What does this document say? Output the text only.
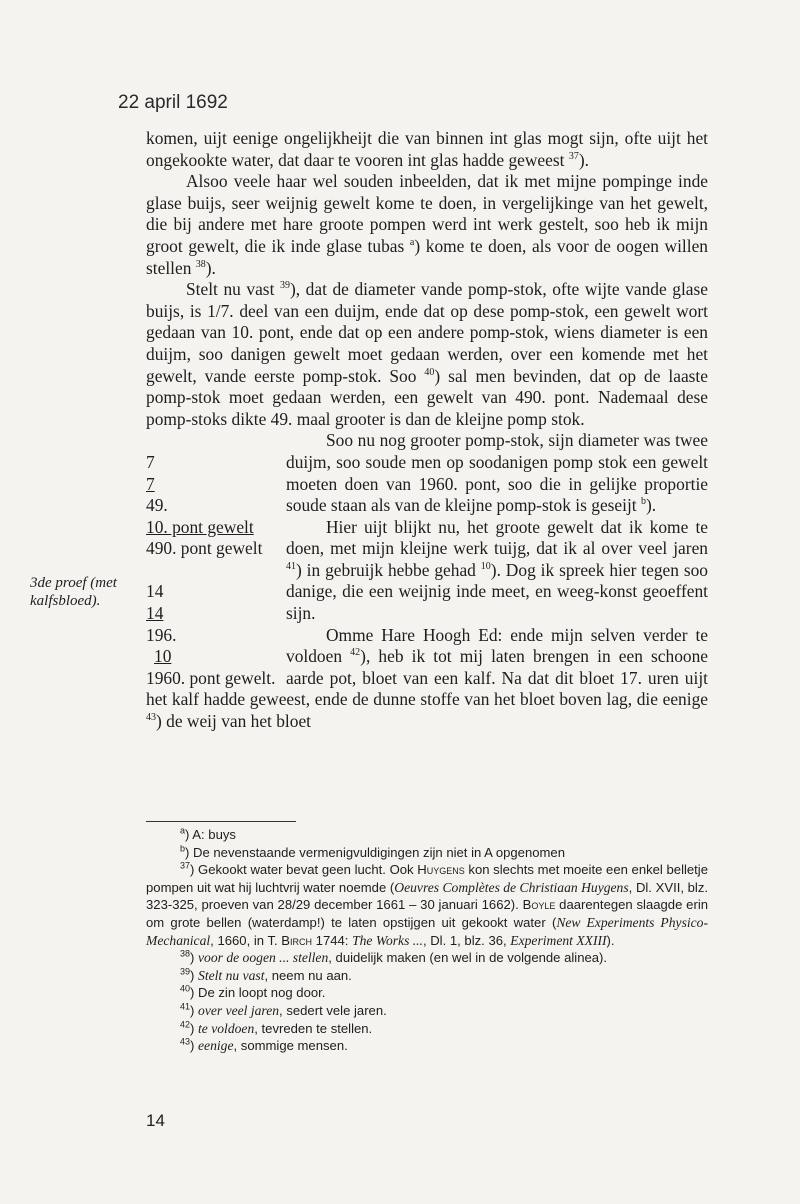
22 april 1692
3de proef (met kalfsbloed).

komen, uijt eenige ongelijkheijt die van binnen int glas mogt sijn, ofte uijt het ongekookte water, dat daar te vooren int glas hadde geweest $^{37}$).

Alsoo veele haar wel souden inbeelden, dat ik met mijne pompinge inde glase buijs, seer weijnig gewelt kome te doen, in vergelijkinge van het gewelt, die bij andere met hare groote pompen werd int werk gestelt, soo heb ik mijn groot gewelt, die ik inde glase tubas $^a$) kome te doen, als voor de oogen willen stellen $^{38}$).

Stelt nu vast $^{39}$), dat de diameter vande pomp-stok, ofte wijte vande glase buijs, is 1/7. deel van een duijm, ende dat op dese pomp-stok, een gewelt wort gedaan van 10. pont, ende dat op een andere pomp-stok, wiens diameter is een duijm, soo danigen gewelt moet gedaan werden, over een komende met het gewelt, vande eerste pomp-stok. Soo $^{40}$) sal men bevinden, dat op de laaste pomp-stok moet gedaan werden, een gewelt van 490. pont. Nademaal dese pomp-stoks dikte 49. maal grooter is dan de kleijne pomp stok.

7
7
49.
10. pont gewelt
490. pont gewelt
14
14
196.
10
1960. pont gewelt.

Soo nu nog grooter pomp-stok, sijn diameter was twee duijm, soo soude men op soodanigen pomp stok een gewelt moeten doen van 1960. pont, soo die in gelijke proportie soude staan als van de kleijne pomp-stok is geseijt $^b$).

Hier uijt blijkt nu, het groote gewelt dat ik kome te doen, met mijn kleijne werk tuijg, dat ik al over veel jaren $^{41}$) in gebruijk hebbe gehad $^{10}$). Dog ik spreek hier tegen soo danige, die een weijnig inde meet, en weeg-konst geoeffent sijn.

Omme Hare Hoogh Ed: ende mijn selven verder te voldoen $^{42}$), heb ik tot mij laten brengen in een schoone aarde pot, bloet van een kalf. Na dat dit bloet 17. uren uijt het kalf hadde geweest, ende de dunne stoffe van het bloet boven lag, die eenige $^{43}$) de weij van het bloet

$^a$) A: buys

$^b$) De nevenstaande vermenigvuldigingen zijn niet in A opgenomen

$^{37}$) Gekookt water bevat geen lucht. Ook Huygens kon slechts met moeite een enkel belletje pompen uit wat hij luchtvrij water noemde (Oeuvres Complètes de Christiaan Huygens, Dl. XVII, blz. 323-325, proeven van 28/29 december 1661 – 30 januari 1662). Boyle daarentegen slaagde erin om grote bellen (waterdamp!) te laten opstijgen uit gekookt water (New Experiments Physico-Mechanical, 1660, in T. Birch 1744: The Works ..., Dl. 1, blz. 36, Experiment XXIII).

$^{38}$) voor de oogen ... stellen, duidelijk maken (en wel in de volgende alinea).

$^{39}$) Stelt nu vast, neem nu aan.

$^{40}$) De zin loopt nog door.

$^{41}$) over veel jaren, sedert vele jaren.

$^{42}$) te voldoen, tevreden te stellen.

$^{43}$) eenige, sommige mensen.

14
